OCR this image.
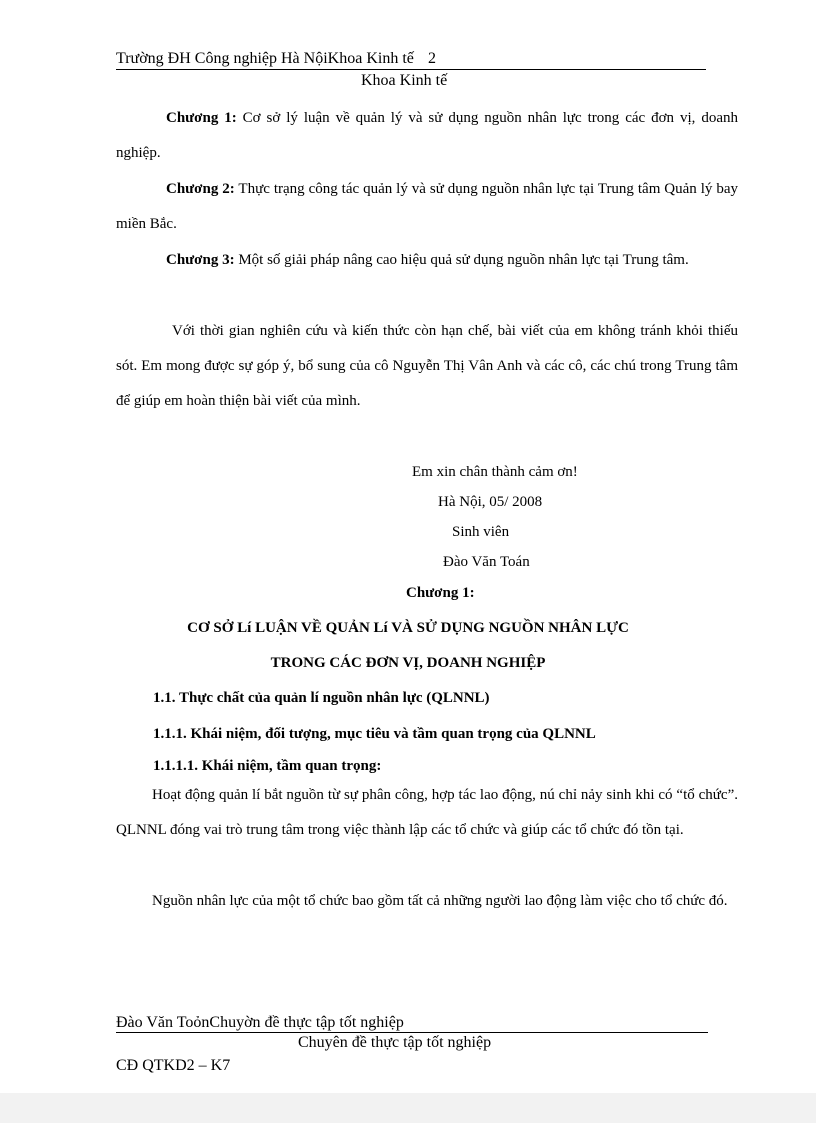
Trường ĐH Công nghiệp Hà NộiKhoa Kinh tế 2
Khoa Kinh tế
Chương 1: Cơ sở lý luận về quản lý và sử dụng nguồn nhân lực trong các đơn vị, doanh nghiệp.
Chương 2: Thực trạng công tác quản lý và sử dụng nguồn nhân lực tại Trung tâm Quản lý bay miền Bắc.
Chương 3: Một số giải pháp nâng cao hiệu quả sử dụng nguồn nhân lực tại Trung tâm.
Với thời gian nghiên cứu và kiến thức còn hạn chế, bài viết của em không tránh khỏi thiếu sót. Em mong được sự góp ý, bổ sung của cô Nguyễn Thị Vân Anh và các cô, các chú trong Trung tâm để giúp em hoàn thiện bài viết của mình.
Em xin chân thành cảm ơn!
Hà Nội, 05/ 2008
Sinh viên
Đào Văn Toán
Chương 1:
CƠ SỞ Lí LUẬN VỀ QUẢN Lí VÀ SỬ DỤNG NGUỒN NHÂN LỰC
TRONG CÁC ĐƠN VỊ, DOANH NGHIỆP
1.1. Thực chất của quản lí nguồn nhân lực (QLNNL)
1.1.1. Khái niệm, đối tượng, mục tiêu và tầm quan trọng của QLNNL
1.1.1.1. Khái niệm, tầm quan trọng:
Hoạt động quản lí bắt nguồn từ sự phân công, hợp tác lao động, nú chỉ nảy sinh khi có “tổ chức”. QLNNL đóng vai trò trung tâm trong việc thành lập các tổ chức và giúp các tổ chức đó tồn tại.
Nguồn nhân lực của một tổ chức bao gồm tất cả những người lao động làm việc cho tổ chức đó.
Đào Văn ToỏnChuyờn đề thực tập tốt nghiệp
Chuyên đề thực tập tốt nghiệp
CĐ QTKD2 – K7
